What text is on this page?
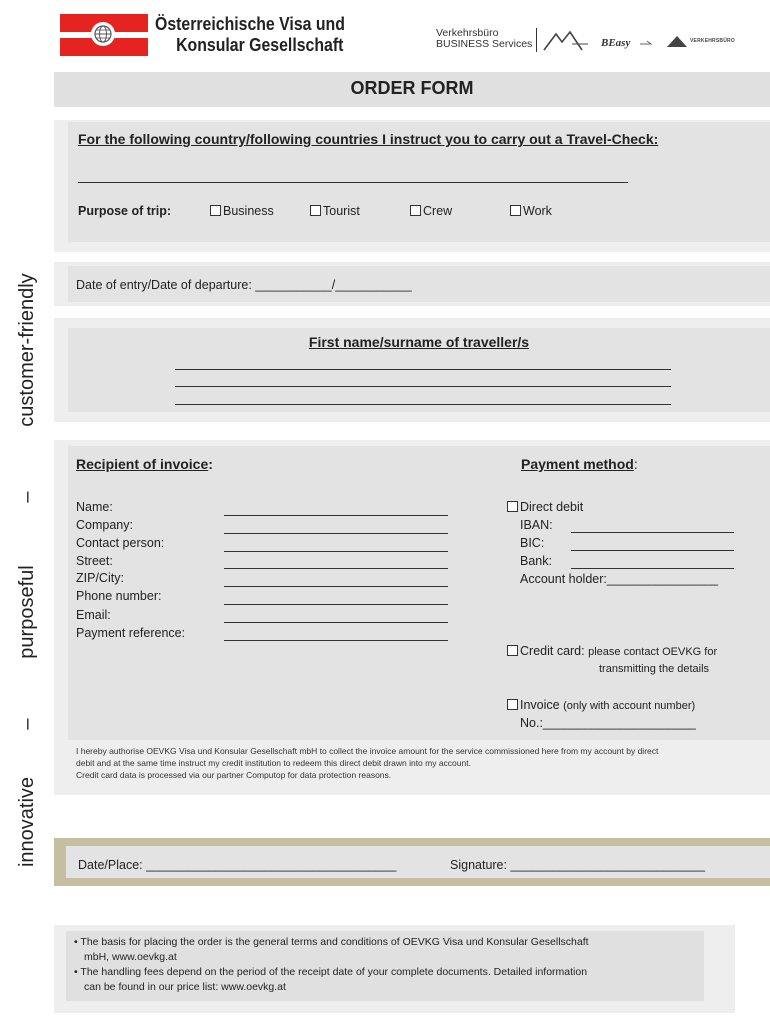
Österreichische Visa und
Konsular Gesellschaft
Verkehrsbüro
BUSINESS Services	BEasy	VERKEHRSBÜRO
customer-friendly
–
purposeful
–
innovative
ORDER FORM
For the following country/following countries I instruct you to carry out a Travel-Check:
Purpose of trip:	Business	Tourist	Crew	Work
Date of entry/Date of departure: ___________/___________
First name/surname of traveller/s
Recipient of invoice:
Name:
Company:
Contact person:
Street:
ZIP/City:
Phone number:
Email:
Payment reference:
Payment method:
Direct debit
IBAN:
BIC:
Bank:
Account holder:________________
Credit card: please contact OEVKG for
transmitting the details
Invoice (only with account number)
No.:______________________
I hereby authorise OEVKG Visa und Konsular Gesellschaft mbH to collect the invoice amount for the service commissioned here from my account by direct
debit and at the same time instruct my credit institution to redeem this direct debit drawn into my account.
Credit card data is processed via our partner Computop for data protection reasons.
Date/Place: ____________________________________	Signature: ____________________________
• The basis for placing the order is the general terms and conditions of OEVKG Visa und Konsular Gesellschaft
mbH, www.oevkg.at
• The handling fees depend on the period of the receipt date of your complete documents. Detailed information
can be found in our price list: www.oevkg.at
